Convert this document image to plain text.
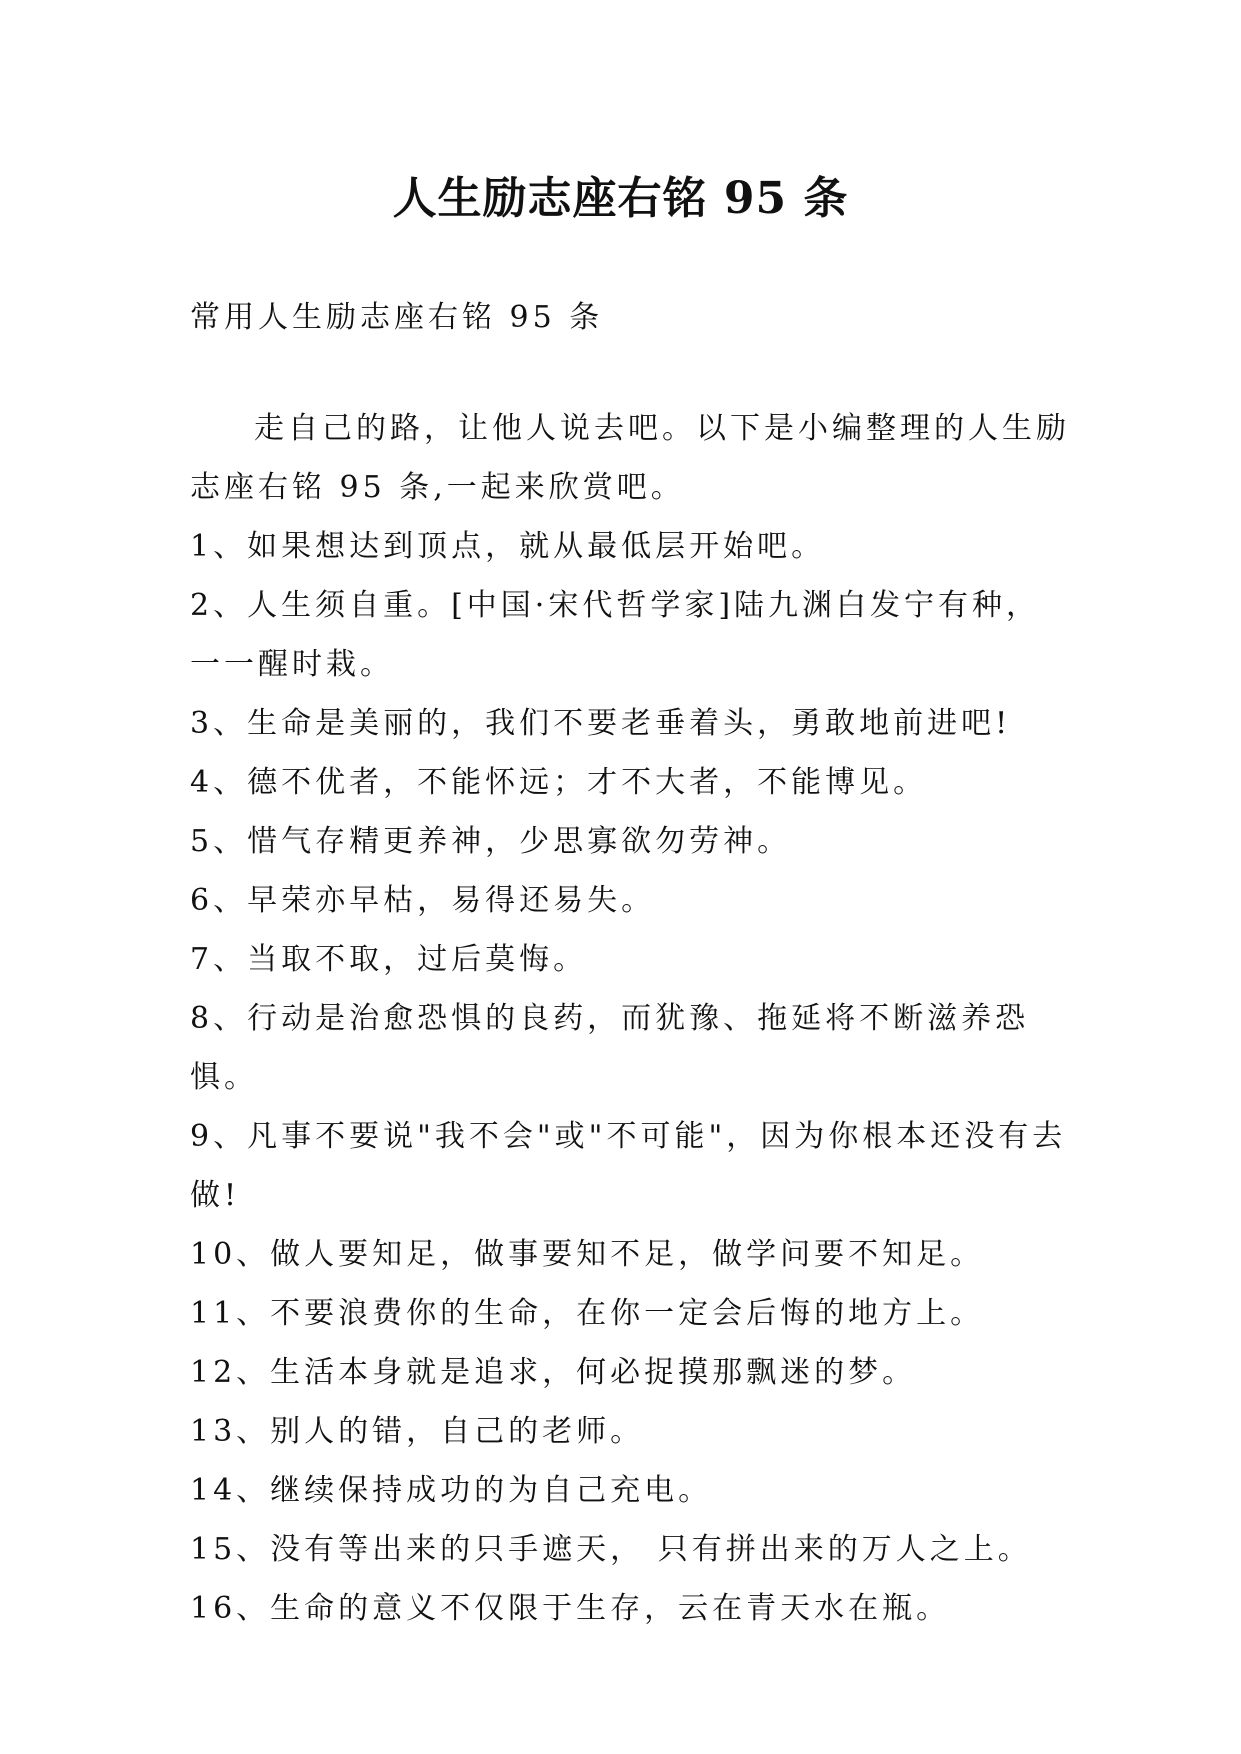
人生励志座右铭 95 条

常用人生励志座右铭 95 条

走自己的路，让他人说去吧。以下是小编整理的人生励志座右铭 95 条,一起来欣赏吧。

1、如果想达到顶点，就从最低层开始吧。

2、人生须自重。[中国·宋代哲学家]陆九渊白发宁有种，一一醒时栽。

3、生命是美丽的，我们不要老垂着头，勇敢地前进吧!

4、德不优者，不能怀远；才不大者，不能博见。

5、惜气存精更养神，少思寡欲勿劳神。

6、早荣亦早枯，易得还易失。

7、当取不取，过后莫悔。

8、行动是治愈恐惧的良药，而犹豫、拖延将不断滋养恐惧。

9、凡事不要说"我不会"或"不可能"，因为你根本还没有去做!

10、做人要知足，做事要知不足，做学问要不知足。

11、不要浪费你的生命，在你一定会后悔的地方上。

12、生活本身就是追求，何必捉摸那飘迷的梦。

13、别人的错，自己的老师。

14、继续保持成功的为自己充电。

15、没有等出来的只手遮天， 只有拼出来的万人之上。

16、生命的意义不仅限于生存，云在青天水在瓶。
